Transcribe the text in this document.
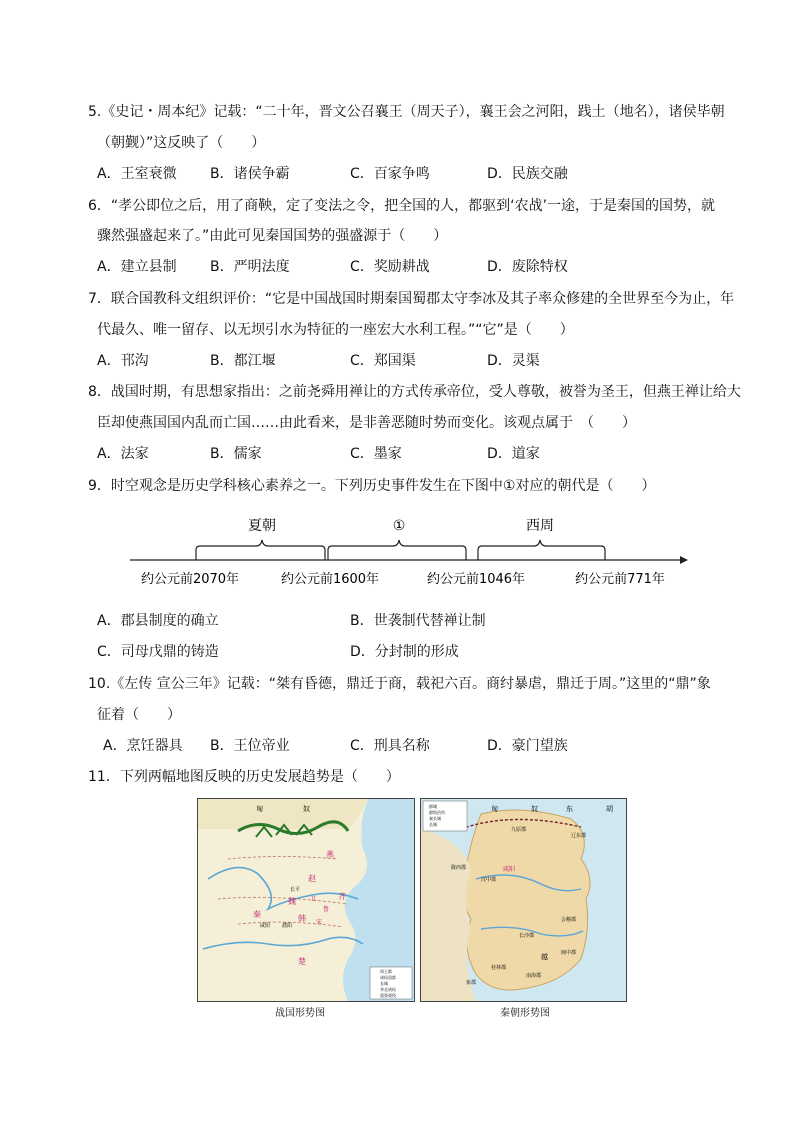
5.《史记・周本纪》记载：“二十年，晋文公召襄王（周天子），襄王会之河阳，践土（地名），诸侯毕朝
（朝觐）”这反映了（　　）
A．王室衰微 B．诸侯争霸	C．百家争鸣	D．民族交融
6．“孝公即位之后，用了商鞅，定了变法之令，把全国的人，都驱到‘农战’一途，于是秦国的国势，就
骤然强盛起来了。”由此可见秦国国势的强盛源于（　　）
A．建立县制 B．严明法度	C．奖励耕战	D．废除特权
7．联合国教科文组织评价：“它是中国战国时期秦国蜀郡太守李冰及其子率众修建的全世界至今为止，年
代最久、唯一留存、以无坝引水为特征的一座宏大水利工程。”“它”是（　　）
A．邗沟	B．都江堰	C．郑国渠	D．灵渠
8．战国时期，有思想家指出：之前尧舜用禅让的方式传承帝位，受人尊敬，被誉为圣王，但燕王禅让给大
臣却使燕国国内乱而亡国……由此看来，是非善恶随时势而变化。该观点属于　（　　）
A．法家	B．儒家	C．墨家	D．道家
9．时空观念是历史学科核心素养之一。下列历史事件发生在下图中①对应的朝代是（　　）
夏朝	①	西周
约公元前2070年	约公元前1600年	约公元前1046年	约公元前771年
A．郡县制度的确立	B．世袭制代替禅让制
C．司母戊鼎的铸造	D．分封制的形成
10.《左传 宣公三年》记载：“桀有昏德，鼎迁于商，载祀六百。商纣暴虐，鼎迁于周。”这里的“鼎”象
征着（　　）
A．烹饪器具 B．王位帝业	C．刑具名称	D．豪门望族
11．下列两幅地图反映的历史发展趋势是（　　）
匈	奴
燕
赵
魏
韩
齐
秦
楚
长平
咸阳 濮阳
鲁
宋
卫
周王都
诸侯国都
长城
华北诸侯
重要战役
战国形势图
匈	奴	东	胡
辽东郡
九原郡
陇西郡
汉中郡
咸阳
会稽郡
长沙郡
南海郡
桂林郡
象郡
闽中郡
越
郡城
郡级治所
秦长城
长城
秦朝形势图
